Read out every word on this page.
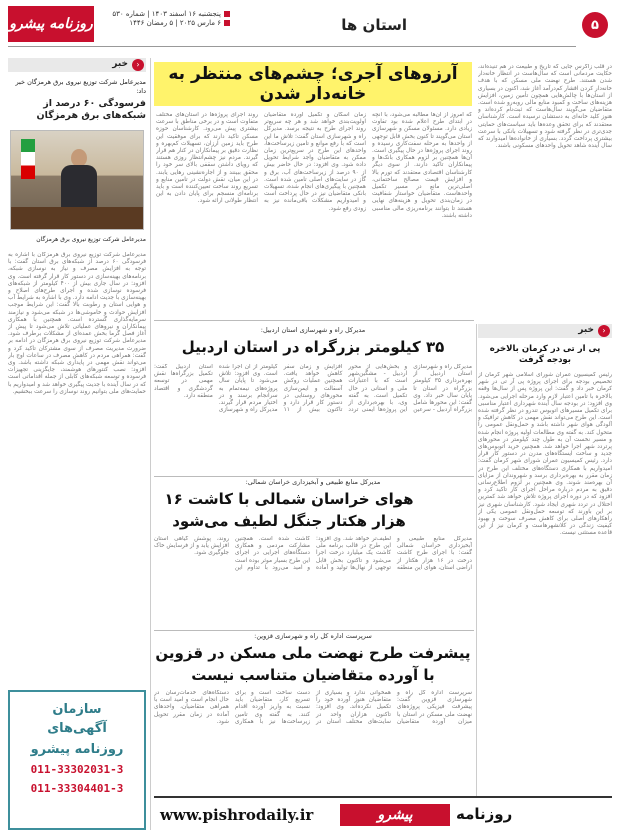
۵
استان ها
پنجشنبه ۱۶ اسفند ۱۴۰۳ | شماره ۵۳۰
۶ مارس ۲۰۲۵ | ۵ رمضان ۱۴۴۶
روزنامه پیشرو
‹
خبر
مدیرعامل شرکت توزیع نیروی برق هرمزگان خبر داد:
فرسودگی ۶۰ درصد از شبکه‌های برق هرمزگان
مدیرعامل شرکت توزیع نیروی برق هرمزگان
مدیرعامل شرکت توزیع نیروی برق هرمزگان با اشاره به فرسودگی ۶۰ درصد از شبکه‌های برق استان گفت: با توجه به افزایش مصرف و نیاز به نوسازی شبکه، برنامه‌های بهینه‌سازی در دستور کار قرار گرفته است. وی افزود: در سال جاری بیش از ۴۰۰ کیلومتر از شبکه‌های فرسوده نوسازی شده و اجرای طرح‌های اصلاح و بهینه‌سازی با جدیت ادامه دارد. وی با اشاره به شرایط آب و هوایی استان و رطوبت بالا گفت: این شرایط موجب افزایش حوادث و خاموشی‌ها در شبکه می‌شود و نیازمند سرمایه‌گذاری گسترده است. همچنین با همکاری پیمانکاران و نیروهای عملیاتی تلاش می‌شود تا پیش از آغاز فصل گرما بخش عمده‌ای از مشکلات برطرف شود. مدیرعامل شرکت توزیع نیروی برق هرمزگان در ادامه بر ضرورت مدیریت مصرف از سوی مشترکان تاکید کرد و گفت: همراهی مردم در کاهش مصرف در ساعات اوج بار می‌تواند نقش مهمی در پایداری شبکه داشته باشد. وی افزود: نصب کنتورهای هوشمند، جایگزینی تجهیزات فرسوده و توسعه شبکه‌های کابلی از جمله اقداماتی است که در سال آینده با جدیت پیگیری خواهد شد و امیدواریم با حمایت‌های ملی بتوانیم روند نوسازی را سرعت ببخشیم.
سازمان
آگهی‌های
روزنامه پیشرو
011-33302031-3
011-33304401-3
آرزوهای آجری؛ چشم‌های منتظر به خانه‌دار شدن
در قلب زاگرس جایی که تاریخ و طبیعت در هم تنیده‌اند، حکایت مردمانی است که سال‌هاست در انتظار خانه‌دار شدن هستند. طرح نهضت ملی مسکن که با هدف خانه‌دار کردن اقشار کم‌درآمد آغاز شد، اکنون در بسیاری از استان‌ها با چالش‌هایی همچون تأمین زمین، افزایش هزینه‌های ساخت و کمبود منابع مالی روبه‌رو شده است. متقاضیان می‌گویند سال‌هاست که ثبت‌نام کرده‌اند و هنوز کلید خانه‌ای به دستشان نرسیده است. کارشناسان معتقدند که برای تحقق وعده‌ها باید سیاست‌های حمایتی جدی‌تری در نظر گرفته شود و تسهیلات بانکی با سرعت بیشتری پرداخت گردد. بسیاری از خانواده‌ها امیدوارند که سال آینده شاهد تحویل واحدهای مسکونی باشند.
که امروز از آن‌ها مطالبه می‌شود، با آنچه در ابتدای طرح اعلام شده بود تفاوت زیادی دارد. مسئولان مسکن و شهرسازی استان می‌گویند تا کنون بخش قابل توجهی از واحدها به مرحله سفت‌کاری رسیده و روند اجرای پروژه‌ها در حال پیگیری است. آن‌ها همچنین بر لزوم همکاری بانک‌ها و پیمانکاران تاکید دارند. از سوی دیگر کارشناسان اقتصادی معتقدند که تورم بالا و افزایش قیمت مصالح ساختمانی، اصلی‌ترین مانع در مسیر تکمیل واحدهاست. متقاضیان خواستار شفافیت در زمان‌بندی تحویل و هزینه‌های نهایی هستند تا بتوانند برنامه‌ریزی مالی مناسبی داشته باشند.
زمان اسکان و تکمیل آورده متقاضیان اولویت‌بندی خواهد شد و هر چه سریع‌تر روند اجرای طرح به نتیجه برسد. مدیرکل راه و شهرسازی استان گفت: تلاش ما این است که با رفع موانع و تامین زیرساخت‌ها، واحدهای این طرح در سریع‌ترین زمان ممکن به متقاضیان واجد شرایط تحویل داده شود. وی افزود: در حال حاضر بیش از ۹۰ درصد از زیرساخت‌های آب، برق و گاز در سایت‌های اصلی تامین شده است. همچنین با پیگیری‌های انجام شده، تسهیلات بانکی متقاضیان نیز در حال پرداخت است و امیدواریم مشکلات باقی‌مانده نیز به زودی رفع شود.
روند اجرای پروژه‌ها در استان‌های مختلف متفاوت است و در برخی مناطق با سرعت بیشتری پیش می‌رود. کارشناسان حوزه مسکن تاکید دارند که برای موفقیت این طرح باید زمین ارزان، تسهیلات کم‌بهره و نظارت دقیق بر پیمانکاران در کنار هم قرار گیرند. مردم نیز چشم‌انتظار روزی هستند که رویای داشتن سقفی بالای سر خود را محقق ببینند و از اجاره‌نشینی رهایی یابند. در این میان، نقش دولت در تامین منابع و تسریع روند ساخت تعیین‌کننده است و باید برنامه‌ای منسجم برای پایان دادن به این انتظار طولانی ارائه شود.
‹
خبر
پی آر تی در کرمان بالاخره بودجه گرفت
رئیس کمیسیون عمران شورای اسلامی شهر کرمان از تخصیص بودجه برای اجرای پروژه پی آر تی در شهر کرمان خبر داد و گفت: این پروژه پس از سال‌ها وقفه بالاخره با تامین اعتبار لازم وارد مرحله اجرایی می‌شود. وی افزود: در بودجه سال آینده شهرداری اعتبار مناسبی برای تکمیل مسیرهای اتوبوس تندرو در نظر گرفته شده است. این طرح می‌تواند نقش مهمی در کاهش ترافیک و آلودگی هوای شهر داشته باشد و حمل‌ونقل عمومی را متحول کند. به گفته وی مطالعات اولیه پروژه انجام شده و مسیر نخست آن به طول چند کیلومتر در محورهای پرتردد شهر اجرا خواهد شد. همچنین خرید اتوبوس‌های جدید و ساخت ایستگاه‌های مدرن در دستور کار قرار دارد. رئیس کمیسیون عمران شورای شهر کرمان گفت: امیدواریم با همکاری دستگاه‌های مختلف این طرح در زمان مقرر به بهره‌برداری برسد و شهروندان از مزایای آن بهره‌مند شوند. وی همچنین بر لزوم اطلاع‌رسانی دقیق به مردم درباره مراحل اجرای کار تاکید کرد و افزود که در دوره اجرای پروژه تلاش خواهد شد کمترین اختلال در تردد شهری ایجاد شود. کارشناسان شهری نیز بر این باورند که توسعه حمل‌ونقل عمومی یکی از راهکارهای اصلی برای کاهش مصرف سوخت و بهبود کیفیت زندگی در کلانشهرهاست و کرمان نیز از این قاعده مستثنی نیست.
مدیرکل راه و شهرسازی استان اردبیل:
۳۵ کیلومتر بزرگراه در استان اردبیل
مدیرکل راه و شهرسازی استان اردبیل از بهره‌برداری ۳۵ کیلومتر بزرگراه در استان تا پایان سال خبر داد. وی گفت: این محورها شامل بزرگراه اردبیل - سرعین و بخش‌هایی از محور اردبیل - مشگین‌شهر است که با اعتبارات ملی و استانی در حال تکمیل است. به گفته وی، با بهره‌برداری از این پروژه‌ها ایمنی تردد افزایش و زمان سفر کاهش خواهد یافت. همچنین عملیات روکش آسفالت و ایمن‌سازی محورهای روستایی در دستور کار قرار دارد و تاکنون بیش از ۱۱ کیلومتر از آن اجرا شده است. وی افزود: تلاش می‌شود تا پایان سال پروژه‌های نیمه‌تمام به سرانجام برسند و در اختیار مردم قرار گیرند. مدیرکل راه و شهرسازی استان اردبیل گفت: تکمیل بزرگراه‌ها نقش مهمی در توسعه گردشگری و اقتصاد منطقه دارد.
مدیرکل منابع طبیعی و آبخیزداری خراسان شمالی:
هوای خراسان شمالی با کاشت ۱۶ هزار هکتار جنگل لطیف می‌شود
مدیرکل منابع طبیعی و آبخیزداری خراسان شمالی گفت: با اجرای طرح کاشت درخت در ۱۶ هزار هکتار از اراضی استان، هوای این منطقه لطیف‌تر خواهد شد. وی افزود: این طرح در قالب برنامه ملی کاشت یک میلیارد درخت اجرا می‌شود و تاکنون بخش قابل توجهی از نهال‌ها تولید و آماده کاشت شده است. همچنین مشارکت مردمی و همکاری دستگاه‌های اجرایی در اجرای این طرح بسیار موثر بوده است و امید می‌رود با تداوم این روند، پوشش گیاهی استان افزایش یابد و از فرسایش خاک جلوگیری شود.
سرپرست اداره کل راه و شهرسازی قزوین:
پیشرفت طرح نهضت ملی مسکن در قزوین با آورده متقاضیان متناسب نیست
سرپرست اداره کل راه و شهرسازی قزوین گفت: پیشرفت فیزیکی پروژه‌های نهضت ملی مسکن در استان با میزان آورده متقاضیان همخوانی ندارد و بسیاری از متقاضیان هنوز آورده خود را تکمیل نکرده‌اند. وی افزود: تاکنون هزاران واحد در سایت‌های مختلف استان در دست ساخت است و برای تسریع کار، متقاضیان باید نسبت به واریز آورده اقدام کنند. به گفته وی تامین زیرساخت‌ها نیز با همکاری دستگاه‌های خدمات‌رسان در حال انجام است و امید است با همراهی متقاضیان، واحدهای آماده در زمان مقرر تحویل شود.
www.pishrodaily.ir	پیشرو	روزنامه
